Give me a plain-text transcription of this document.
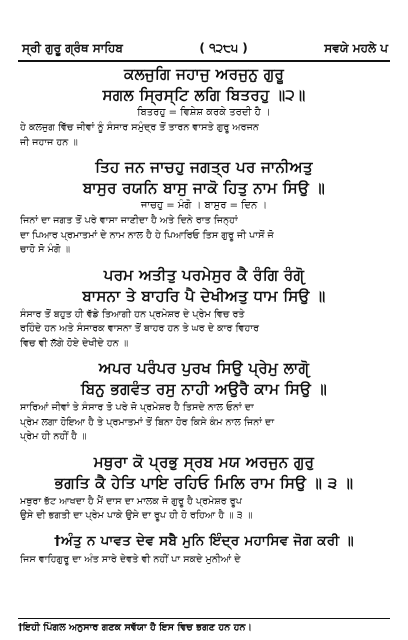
ਸ੍ਰੀ ਗੁਰੂ ਗ੍ਰੰਥ ਸਾਹਿਬ	( ੧੨੮੫ )	ਸਵਯੇ ਮਹਲੇ ਪ
ਕਲਜੁਗਿ ਜਹਾਜੁ ਅਰਜੁਨੁ ਗੁਰੂ
ਸਗਲ ਸ੍ਰਿਸ੍ਟਿ ਲਗਿ ਬਿਤਰਹੁ ॥੨॥
ਬਿਤਰਹੁ = ਵਿਸ਼ੇਸ਼ ਕਰਕੇ ਤਰਦੀ ਹੈ ।
ਹੇ ਕਲਜੁਗ ਵਿੱਚ ਜੀਵਾਂ ਨੂੰ ਸੰਸਾਰ ਸਮੁੰਦ੍ਰ ਤੋਂ ਤਾਰਨ ਵਾਸਤੇ ਗੁਰੂ ਅਰਜਨ
ਜੀ ਜਹਾਜ ਹਨ ॥
ਤਿਹ ਜਨ ਜਾਚਹੁ ਜਗਤ੍ਰ ਪਰ ਜਾਨੀਅਤੁ
ਬਾਸੁਰ ਰਯਨਿ ਬਾਸੁ ਜਾਕੋ ਹਿਤੁ ਨਾਮ ਸਿਉ ॥
ਜਾਚਹੁ = ਮੰਗੋ । ਬਾਸੁਰ = ਦਿਨ ।
ਜਿਨਾਂ ਦਾ ਜਗਤ ਤੋਂ ਪਰੇ ਵਾਸਾ ਜਾਣੀਦਾ ਹੈ ਅਤੇ ਦਿਨੇ ਰਾਤ ਜਿਨ੍ਹਾਂ
ਦਾ ਪਿਆਰ ਪ੍ਰਮਾਤਮਾਂ ਦੇ ਨਾਮ ਨਾਲ ਹੈ ਹੇ ਪਿਆਰਿਓ ਤਿਸ ਗੁਰੂ ਜੀ ਪਾਸੋਂ ਜੋ
ਚਾਹੋ ਸੋ ਮੰਗੋ ॥
ਪਰਮ ਅਤੀਤੁ ਪਰਮੇਸੁਰ ਕੈ ਰੰਗਿ ਰੰਗੵੋ
ਬਾਸਨਾ ਤੇ ਬਾਹਰਿ ਪੈ ਦੇਖੀਅਤੁ ਧਾਮ ਸਿਉ ॥
ਸੰਸਾਰ ਤੋਂ ਬਹੁਤ ਹੀ ਵੱਡੇ ਤਿਆਗੀ ਹਨ ਪ੍ਰਮੇਸ਼ਰ ਦੇ ਪ੍ਰੇਮ ਵਿਚ ਰਤੇ
ਰਹਿੰਦੇ ਹਨ ਅਤੇ ਸੰਸਾਰਕ ਵਾਸਨਾ ਤੋਂ ਬਾਹਰ ਹਨ ਤੇ ਘਰ ਦੇ ਕਾਰ ਵਿਹਾਰ
ਵਿਚ ਵੀ ਲੱਗੇ ਹੋਏ ਦੇਖੀਦੇ ਹਨ ॥
ਅਪਰ ਪਰੰਪਰ ਪੁਰਖ ਸਿਉ ਪ੍ਰੇਮੁ ਲਾਗੵੋ
ਬਿਨੁ ਭਗਵੰਤ ਰਸੁ ਨਾਹੀ ਅਉਰੈ ਕਾਮ ਸਿਉ ॥
ਸਾਰਿਆਂ ਜੀਵਾਂ ਤੇ ਸੰਸਾਰ ਤੋ ਪਰੇ ਜੋ ਪ੍ਰਮੇਸ਼ਰ ਹੈ ਤਿਸਦੇ ਨਾਲ ਓਨਾਂ ਦਾ
ਪ੍ਰੇਮ ਲਗਾ ਹੋਇਆ ਹੈ ਤੇ ਪ੍ਰਮਾਤਮਾਂ ਤੋਂ ਬਿਨਾ ਹੋਰ ਕਿਸੇ ਕੰਮ ਨਾਲ ਜਿਨਾਂ ਦਾ
ਪ੍ਰੇਮ ਹੀ ਨਹੀਂ ਹੈ ॥
ਮਥੁਰਾ ਕੋ ਪ੍ਰਭੁ ਸ੍ਰਬ ਮਯ ਅਰਜੁਨ ਗੁਰੁ
ਭਗਤਿ ਕੈ ਹੇਤਿ ਪਾਇ ਰਹਿਓ ਮਿਲਿ ਰਾਮ ਸਿਉ ॥ ੩ ॥
ਮਥੁਰਾ ਭੱਟ ਆਖਦਾ ਹੈ ਮੈਂ ਦਾਸ ਦਾ ਮਾਲਕ ਜੋ ਗੁਰੂ ਹੈ ਪ੍ਰਮੇਸ਼ਰ ਰੂਪ
ਉਸੇ ਦੀ ਭਗਤੀ ਦਾ ਪ੍ਰੇਮ ਪਾਕੇ ਉਸੇ ਦਾ ਰੂਪ ਹੀ ਹੋ ਰਹਿਆ ਹੈ ॥ ੩ ॥
†ਅੰਤੁ ਨ ਪਾਵਤ ਦੇਵ ਸਬੈ ਮੁਨਿ ਇੰਦ੍ਰ ਮਹਾਸਿਵ ਜੋਗ ਕਰੀ ॥
ਜਿਸ ਵਾਹਿਗੁਰੂ ਦਾ ਅੰਤ ਸਾਰੇ ਦੇਵਤੇ ਵੀ ਨਹੀਂ ਪਾ ਸਕਦੇ ਮੁਨੀਆਂ ਦੇ
†ਇਹੀ ਪਿੰਗਲ ਅਨੁਸਾਰ ਗਣਕ ਸਵੱਯਾ ਹੈ ਇਸ ਵਿਚ ਭਗਣ ਹਨ ਹਨ।
